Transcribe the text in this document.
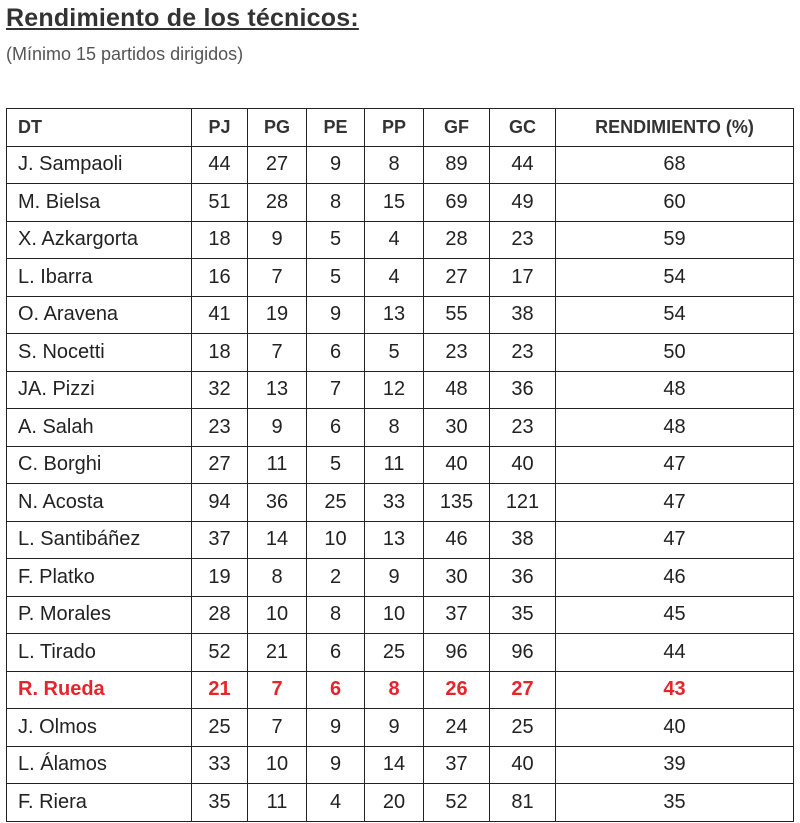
Rendimiento de los técnicos:

(Mínimo 15 partidos dirigidos)

DT	PJ	PG	PE	PP	GF	GC	RENDIMIENTO (%)
J. Sampaoli	44	27	9	8	89	44	68
M. Bielsa	51	28	8	15	69	49	60
X. Azkargorta	18	9	5	4	28	23	59
L. Ibarra	16	7	5	4	27	17	54
O. Aravena	41	19	9	13	55	38	54
S. Nocetti	18	7	6	5	23	23	50
JA. Pizzi	32	13	7	12	48	36	48
A. Salah	23	9	6	8	30	23	48
C. Borghi	27	11	5	11	40	40	47
N. Acosta	94	36	25	33	135	121	47
L. Santibáñez	37	14	10	13	46	38	47
F. Platko	19	8	2	9	30	36	46
P. Morales	28	10	8	10	37	35	45
L. Tirado	52	21	6	25	96	96	44
R. Rueda	21	7	6	8	26	27	43
J. Olmos	25	7	9	9	24	25	40
L. Álamos	33	10	9	14	37	40	39
F. Riera	35	11	4	20	52	81	35
